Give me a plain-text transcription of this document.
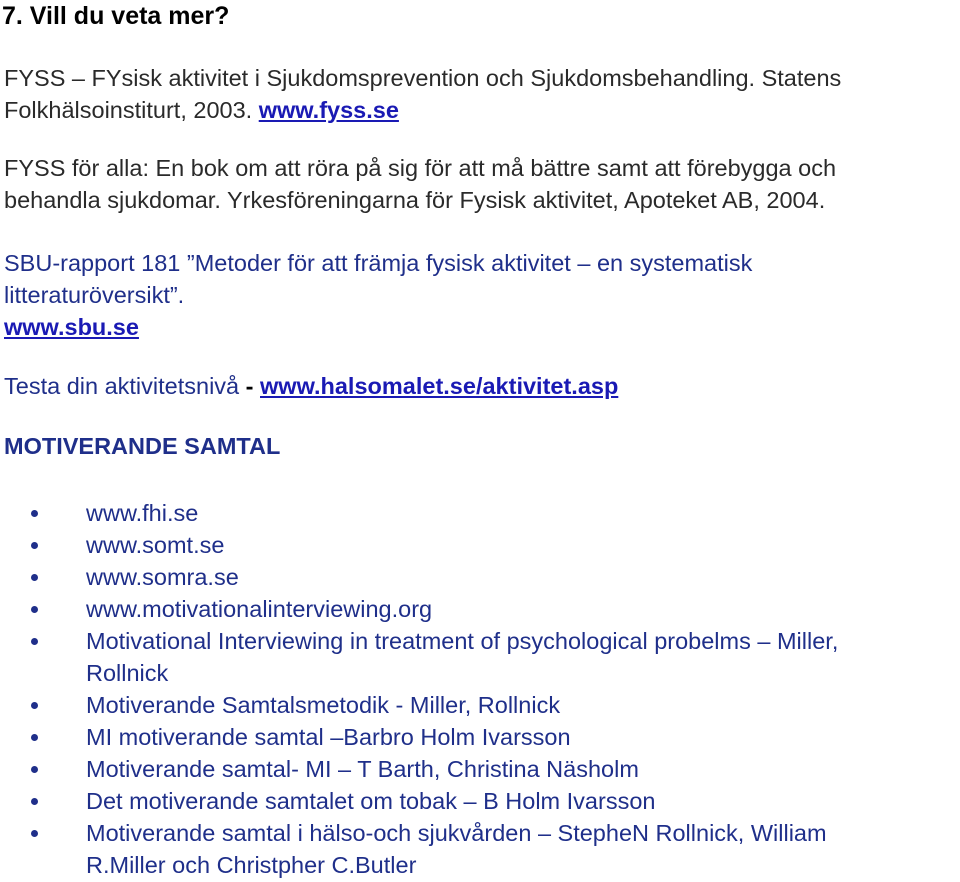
7. Vill du veta mer?

FYSS – FYsisk aktivitet i Sjukdomsprevention och Sjukdomsbehandling. Statens

Folkhälsoinstiturt, 2003. www.fyss.se

FYSS för alla: En bok om att röra på sig för att må bättre samt att förebygga och

behandla sjukdomar. Yrkesföreningarna för Fysisk aktivitet, Apoteket AB, 2004.

SBU-rapport 181 ”Metoder för att främja fysisk aktivitet – en systematisk

litteraturöversikt”.

www.sbu.se

Testa din aktivitetsnivå - www.halsomalet.se/aktivitet.asp

MOTIVERANDE SAMTAL
www.fhi.se
www.somt.se
www.somra.se
www.motivationalinterviewing.org
Motivational Interviewing in treatment of psychological probelms – Miller,
Rollnick
Motiverande Samtalsmetodik - Miller, Rollnick
MI motiverande samtal –Barbro Holm Ivarsson
Motiverande samtal- MI – T Barth, Christina Näsholm
Det motiverande samtalet om tobak – B Holm Ivarsson
Motiverande samtal i hälso-och sjukvården – StepheN Rollnick, William
R.Miller och Christpher C.Butler
